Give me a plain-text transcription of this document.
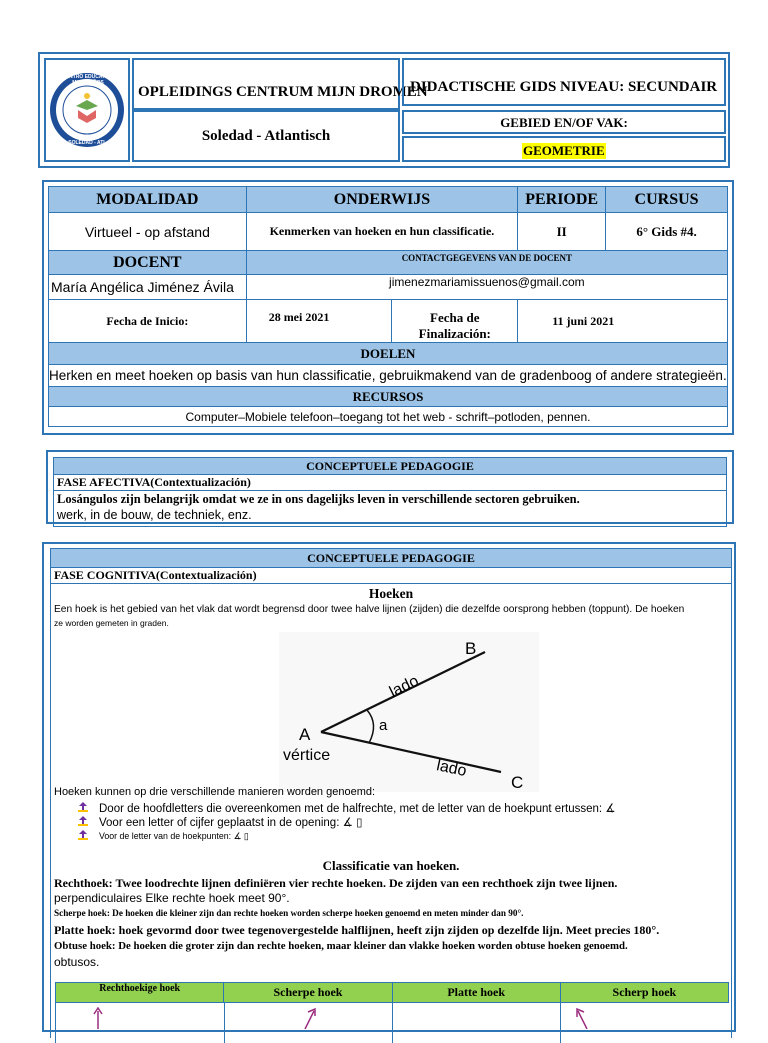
CENTRO EDUCATIVO MIS SUEÑOS
SOLEDAD - ATL.
OPLEIDINGS CENTRUM MIJN DROMEN
Soledad - Atlantisch
DIDACTISCHE GIDS NIVEAU: SECUNDAIR
GEBIED EN/OF VAK:
GEOMETRIE
MODALIDAD	ONDERWIJS		PERIODE	CURSUS
Virtueel - op afstand	Kenmerken van hoeken en hun classificatie.		II	6° Gids #4.
DOCENT	CONTACTGEGEVENS VAN DE DOCENT			
María Angélica Jiménez Ávila	jimenezmariamissuenos@gmail.com			
Fecha de Inicio:	28 mei 2021	Fecha de Finalización:	11 juni 2021	
DOELEN				
Herken en meet hoeken op basis van hun classificatie, gebruikmakend van de gradenboog of andere strategieën.				
RECURSOS				
Computer–Mobiele telefoon–toegang tot het web - schrift–potloden, pennen.				
CONCEPTUELE PEDAGOGIE
FASE AFECTIVA(Contextualización)

Losángulos zijn belangrijk omdat we ze in ons dagelijks leven in verschillende sectoren gebruiken.
werk, in de bouw, de techniek, enz.
CONCEPTUELE PEDAGOGIE
FASE COGNITIVA(Contextualización)
Hoeken
Een hoek is het gebied van het vlak dat wordt begrensd door twee halve lijnen (zijden) die dezelfde oorsprong hebben (toppunt). De hoeken
ze worden gemeten in graden.
B
A
C
a
lado
lado
vértice
Hoeken kunnen op drie verschillende manieren worden genoemd:
Door de hoofdletters die overeenkomen met de halfrechte, met de letter van de hoekpunt ertussen: ∡
Voor een letter of cijfer geplaatst in de opening: ∡ ▯
Voor de letter van de hoekpunten: ∡ ▯
Classificatie van hoeken.
Rechthoek: Twee loodrechte lijnen definiëren vier rechte hoeken. De zijden van een rechthoek zijn twee lijnen.
perpendiculaires Elke rechte hoek meet 90°.
Scherpe hoek: De hoeken die kleiner zijn dan rechte hoeken worden scherpe hoeken genoemd en meten minder dan 90°.
Platte hoek: hoek gevormd door twee tegenovergestelde halflijnen, heeft zijn zijden op dezelfde lijn. Meet precies 180°.
Obtuse hoek: De hoeken die groter zijn dan rechte hoeken, maar kleiner dan vlakke hoeken worden obtuse hoeken genoemd.
obtusos.
Rechthoekige hoek	Scherpe hoek	Platte hoek	Scherp hoek
